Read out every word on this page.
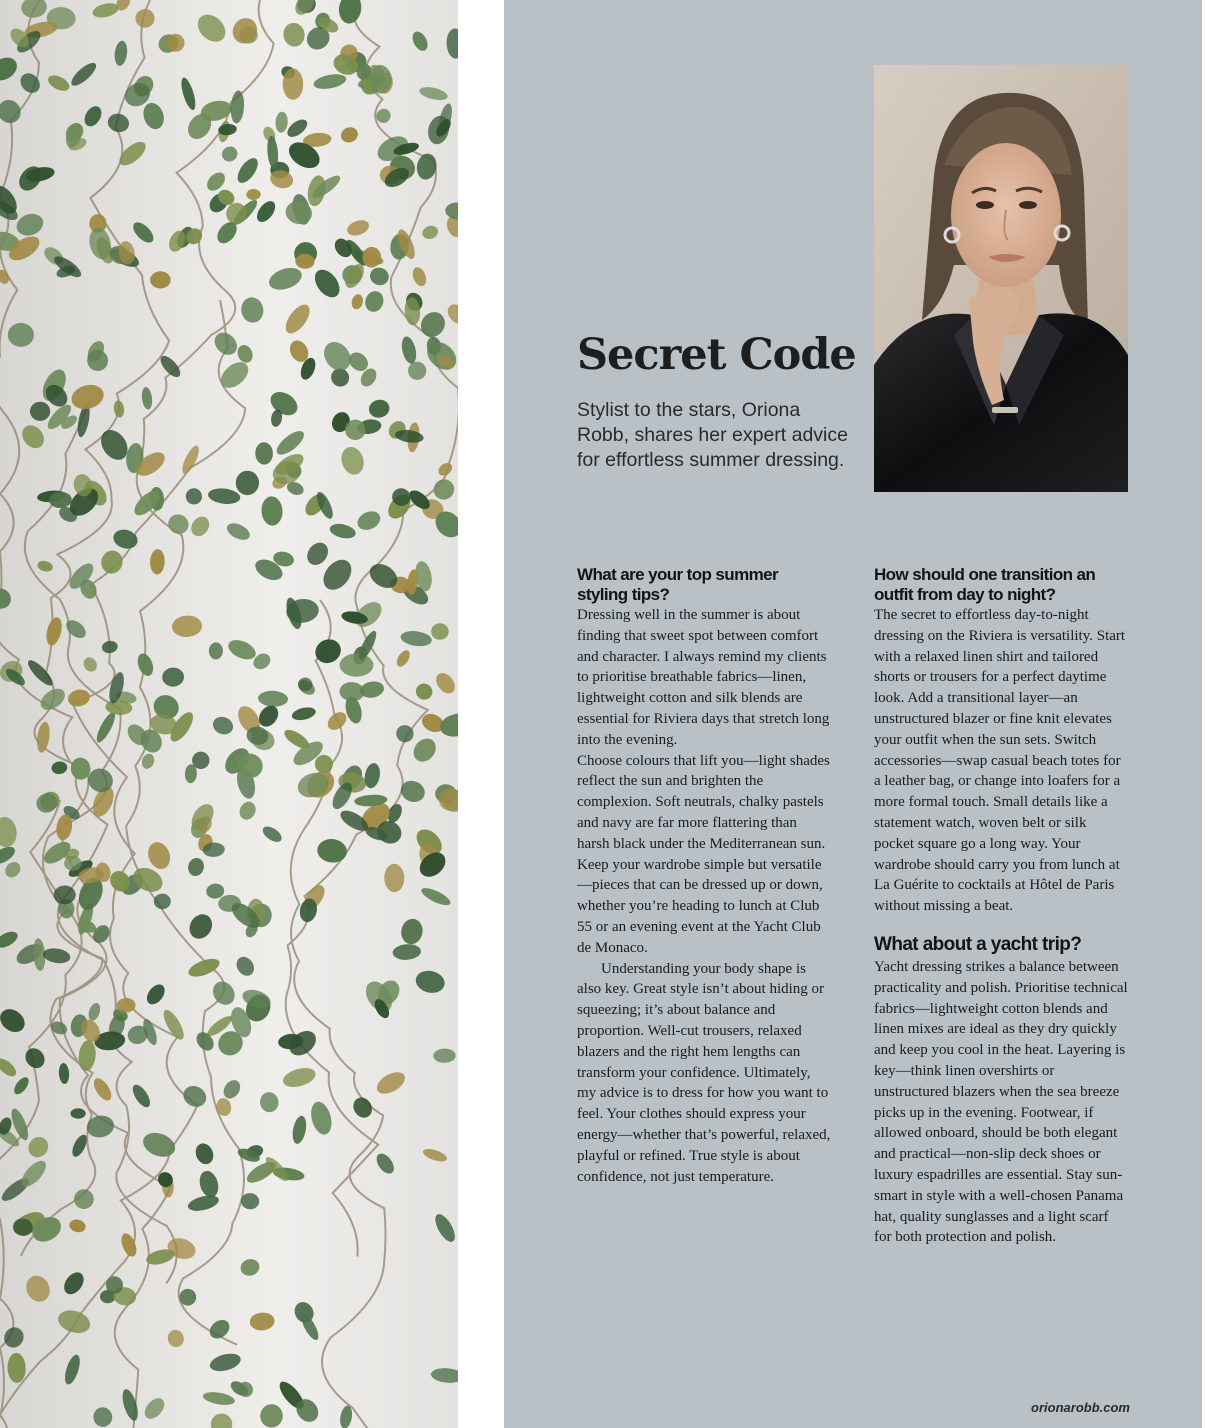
Secret Code
Stylist to the stars, Oriona Robb, shares her expert advice for effortless summer dressing.
What are your top summer styling tips?

Dressing well in the summer is about finding that sweet spot between comfort and character. I always remind my clients to prioritise breathable fabrics—linen, lightweight cotton and silk blends are essential for Riviera days that stretch long into the evening.

Choose colours that lift you—light shades reflect the sun and brighten the complexion. Soft neutrals, chalky pastels and navy are far more flattering than harsh black under the Mediterranean sun. Keep your wardrobe simple but versatile—pieces that can be dressed up or down, whether you’re heading to lunch at Club 55 or an evening event at the Yacht Club de Monaco.

Understanding your body shape is also key. Great style isn’t about hiding or squeezing; it’s about balance and proportion. Well-cut trousers, relaxed blazers and the right hem lengths can transform your confidence. Ultimately, my advice is to dress for how you want to feel. Your clothes should express your energy—whether that’s powerful, relaxed, playful or refined. True style is about confidence, not just temperature.

How should one transition an outfit from day to night?

The secret to effortless day-to-night dressing on the Riviera is versatility. Start with a relaxed linen shirt and tailored shorts or trousers for a perfect daytime look. Add a transitional layer—an unstructured blazer or fine knit elevates your outfit when the sun sets. Switch accessories—swap casual beach totes for a leather bag, or change into loafers for a more formal touch. Small details like a statement watch, woven belt or silk pocket square go a long way. Your wardrobe should carry you from lunch at La Guérite to cocktails at Hôtel de Paris without missing a beat.

What about a yacht trip?

Yacht dressing strikes a balance between practicality and polish. Prioritise technical fabrics—lightweight cotton blends and linen mixes are ideal as they dry quickly and keep you cool in the heat. Layering is key—think linen overshirts or unstructured blazers when the sea breeze picks up in the evening. Footwear, if allowed onboard, should be both elegant and practical—non-slip deck shoes or luxury espadrilles are essential. Stay sun-smart in style with a well-chosen Panama hat, quality sunglasses and a light scarf for both protection and polish.

orionarobb.com
